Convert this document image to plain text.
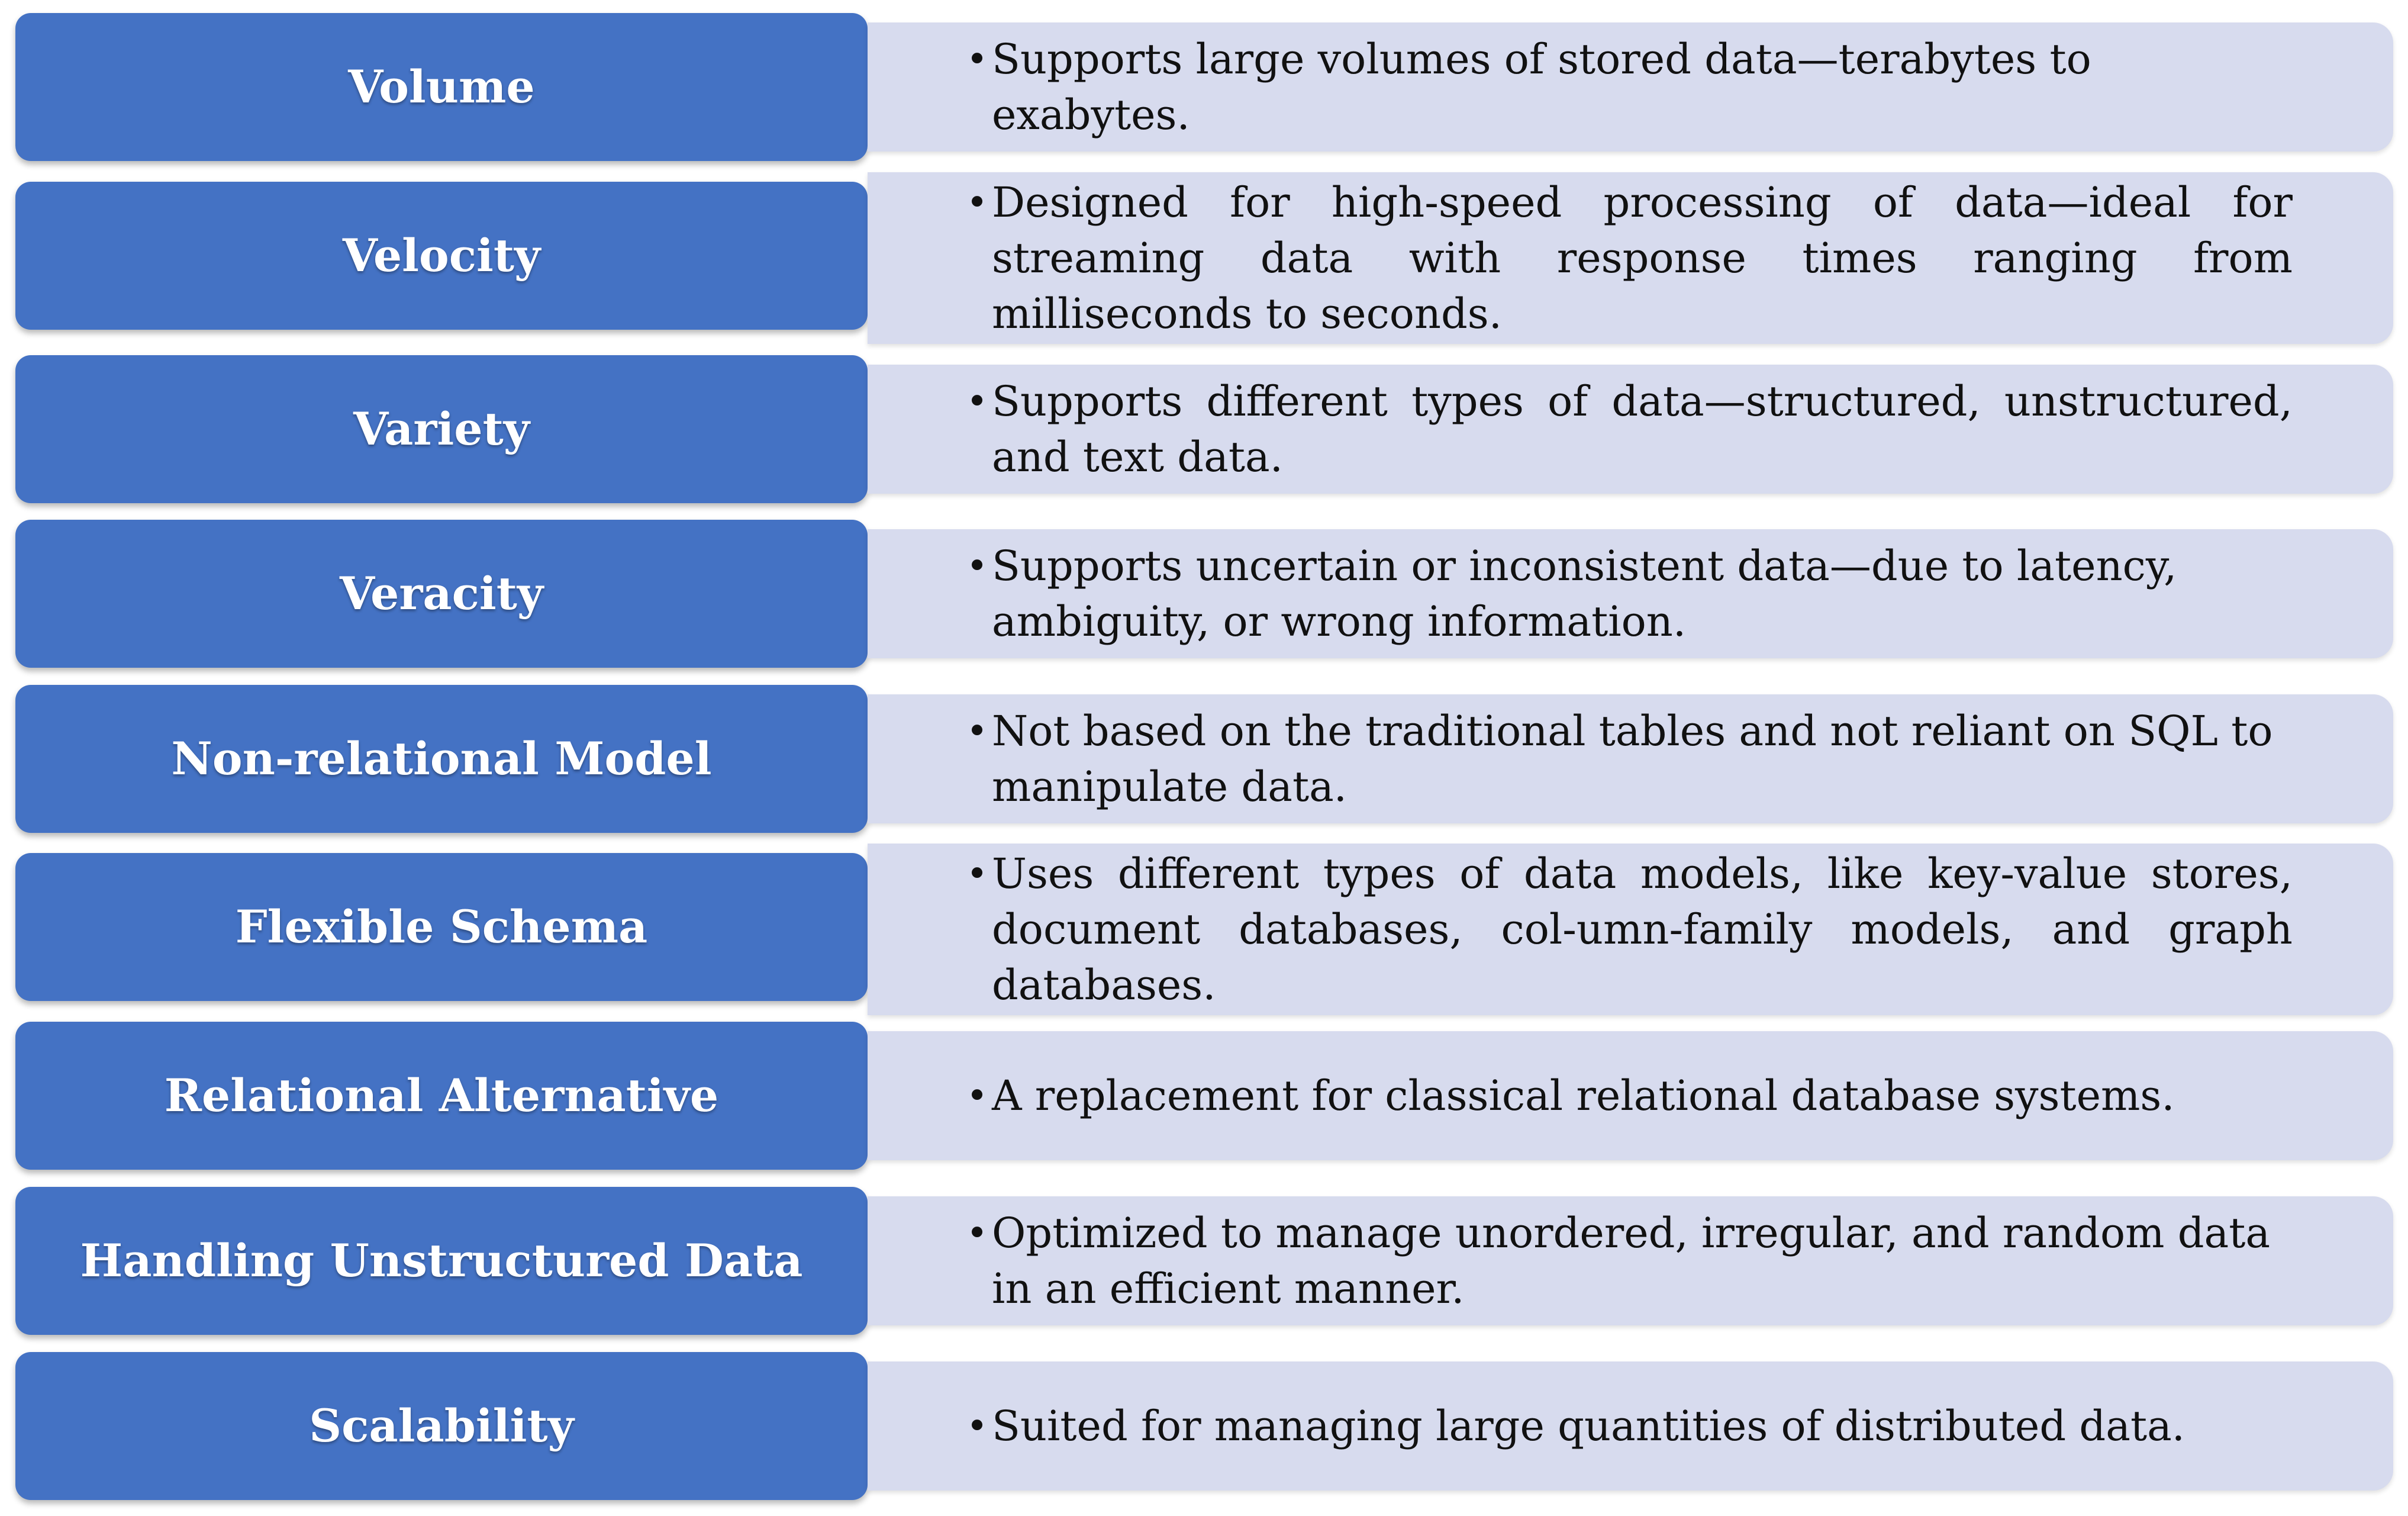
Volume
• Supports large volumes of stored data—terabytes to exabytes.
Velocity
• Designed for high-speed processing of data—ideal for streaming data with response times ranging from milliseconds to seconds.
Variety
• Supports different types of data—structured, unstructured, and text data.
Veracity
• Supports uncertain or inconsistent data—due to latency, ambiguity, or wrong information.
Non-relational Model
• Not based on the traditional tables and not reliant on SQL to manipulate data.
Flexible Schema
• Uses different types of data models, like key-value stores, document databases, col-umn-family models, and graph databases.
Relational Alternative	• A replacement for classical relational database systems.
Handling Unstructured Data
• Optimized to manage unordered, irregular, and random data in an efficient manner.
Scalability	• Suited for managing large quantities of distributed data.
